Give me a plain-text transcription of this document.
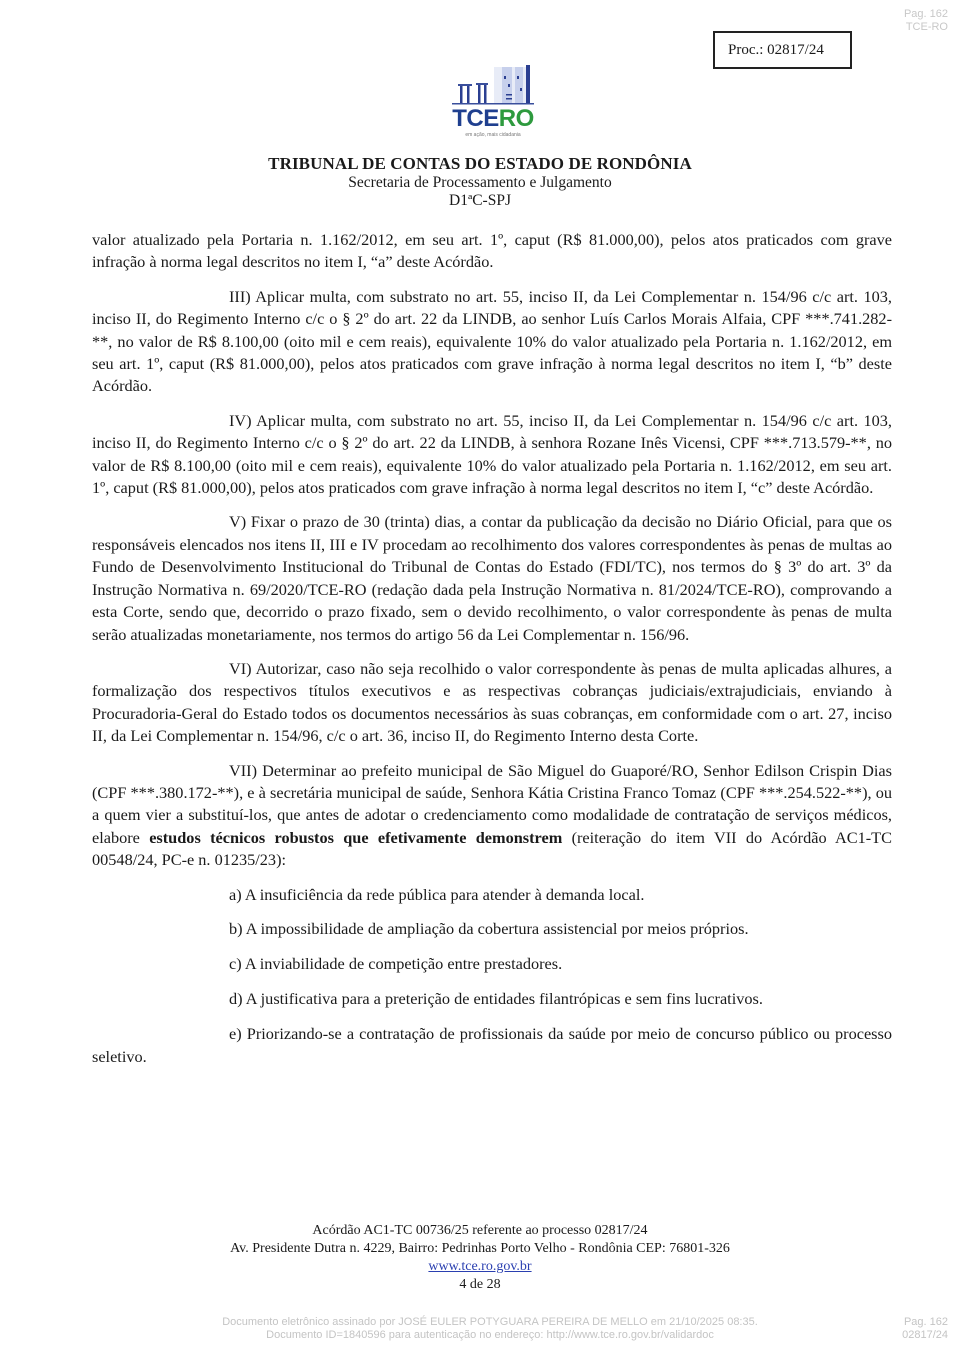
Pag. 162
TCE-RO
Proc.: 02817/24
TCERO
em ação, mais cidadania
TRIBUNAL DE CONTAS DO ESTADO DE RONDÔNIA
Secretaria de Processamento e Julgamento
D1ªC-SPJ

valor atualizado pela Portaria n. 1.162/2012, em seu art. 1º, caput (R$ 81.000,00), pelos atos praticados com grave infração à norma legal descritos no item I, “a” deste Acórdão.

III) Aplicar multa, com substrato no art. 55, inciso II, da Lei Complementar n. 154/96 c/c art. 103, inciso II, do Regimento Interno c/c o § 2º do art. 22 da LINDB, ao senhor Luís Carlos Morais Alfaia, CPF ***.741.282-**, no valor de R$ 8.100,00 (oito mil e cem reais), equivalente 10% do valor atualizado pela Portaria n. 1.162/2012, em seu art. 1º, caput (R$ 81.000,00), pelos atos praticados com grave infração à norma legal descritos no item I, “b” deste Acórdão.

IV) Aplicar multa, com substrato no art. 55, inciso II, da Lei Complementar n. 154/96 c/c art. 103, inciso II, do Regimento Interno c/c o § 2º do art. 22 da LINDB, à senhora Rozane Inês Vicensi, CPF ***.713.579-**, no valor de R$ 8.100,00 (oito mil e cem reais), equivalente 10% do valor atualizado pela Portaria n. 1.162/2012, em seu art. 1º, caput (R$ 81.000,00), pelos atos praticados com grave infração à norma legal descritos no item I, “c” deste Acórdão.

V) Fixar o prazo de 30 (trinta) dias, a contar da publicação da decisão no Diário Oficial, para que os responsáveis elencados nos itens II, III e IV procedam ao recolhimento dos valores correspondentes às penas de multas ao Fundo de Desenvolvimento Institucional do Tribunal de Contas do Estado (FDI/TC), nos termos do § 3º do art. 3º da Instrução Normativa n. 69/2020/TCE-RO (redação dada pela Instrução Normativa n. 81/2024/TCE-RO), comprovando a esta Corte, sendo que, decorrido o prazo fixado, sem o devido recolhimento, o valor correspondente às penas de multa serão atualizadas monetariamente, nos termos do artigo 56 da Lei Complementar n. 156/96.

VI) Autorizar, caso não seja recolhido o valor correspondente às penas de multa aplicadas alhures, a formalização dos respectivos títulos executivos e as respectivas cobranças judiciais/extrajudiciais, enviando à Procuradoria-Geral do Estado todos os documentos necessários às suas cobranças, em conformidade com o art. 27, inciso II, da Lei Complementar n. 154/96, c/c o art. 36, inciso II, do Regimento Interno desta Corte.

VII) Determinar ao prefeito municipal de São Miguel do Guaporé/RO, Senhor Edilson Crispin Dias (CPF ***.380.172-**), e à secretária municipal de saúde, Senhora Kátia Cristina Franco Tomaz (CPF ***.254.522-**), ou a quem vier a substituí-los, que antes de adotar o credenciamento como modalidade de contratação de serviços médicos, elabore estudos técnicos robustos que efetivamente demonstrem (reiteração do item VII do Acórdão AC1-TC 00548/24, PC-e n. 01235/23):

a) A insuficiência da rede pública para atender à demanda local.

b) A impossibilidade de ampliação da cobertura assistencial por meios próprios.

c) A inviabilidade de competição entre prestadores.

d) A justificativa para a preterição de entidades filantrópicas e sem fins lucrativos.

e) Priorizando-se a contratação de profissionais da saúde por meio de concurso público ou processo seletivo.

Acórdão AC1-TC 00736/25 referente ao processo 02817/24
Av. Presidente Dutra n. 4229, Bairro: Pedrinhas Porto Velho - Rondônia CEP: 76801-326
www.tce.ro.gov.br
4 de 28
Documento eletrônico assinado por JOSÉ EULER POTYGUARA PEREIRA DE MELLO em 21/10/2025 08:35.
Documento ID=1840596 para autenticação no endereço: http://www.tce.ro.gov.br/validardoc
Pag. 162
02817/24
